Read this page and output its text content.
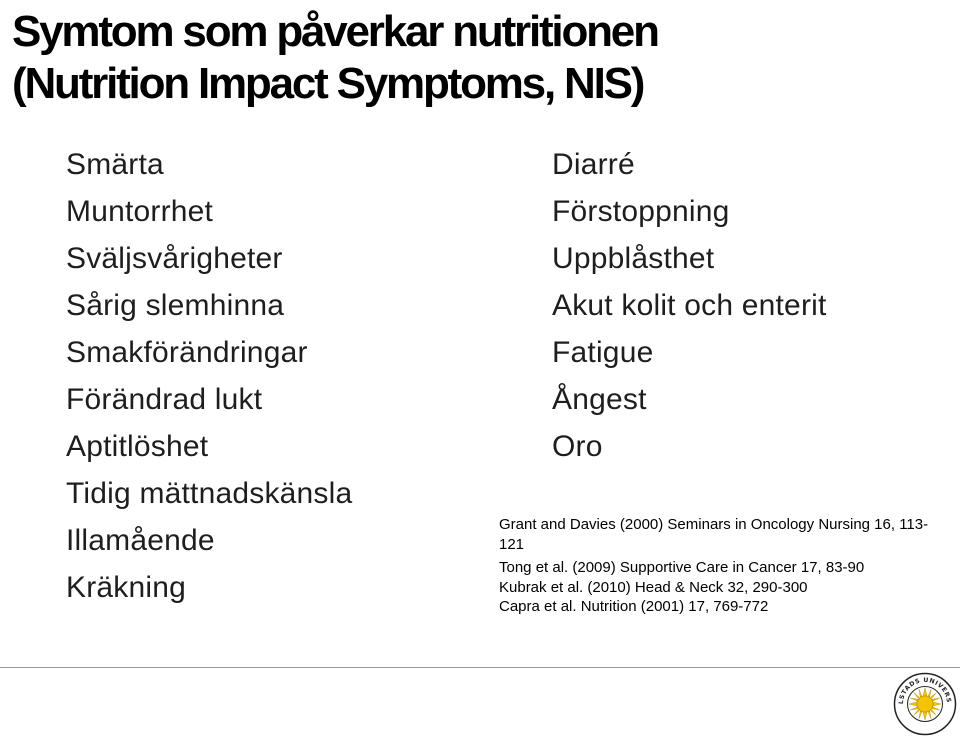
Symtom som påverkar nutritionen
(Nutrition Impact Symptoms, NIS)
Smärta
Muntorrhet
Sväljsvårigheter
Sårig slemhinna
Smakförändringar
Förändrad lukt
Aptitlöshet
Tidig mättnadskänsla
Illamående
Kräkning
Diarré
Förstoppning
Uppblåsthet
Akut kolit och enterit
Fatigue
Ångest
Oro
Grant and Davies (2000) Seminars in Oncology Nursing 16, 113-121
Tong et al. (2009) Supportive Care in Cancer 17, 83-90
Kubrak et al. (2010) Head & Neck 32, 290-300
Capra et al. Nutrition (2001) 17, 769-772
LSTADS UNIVERS
